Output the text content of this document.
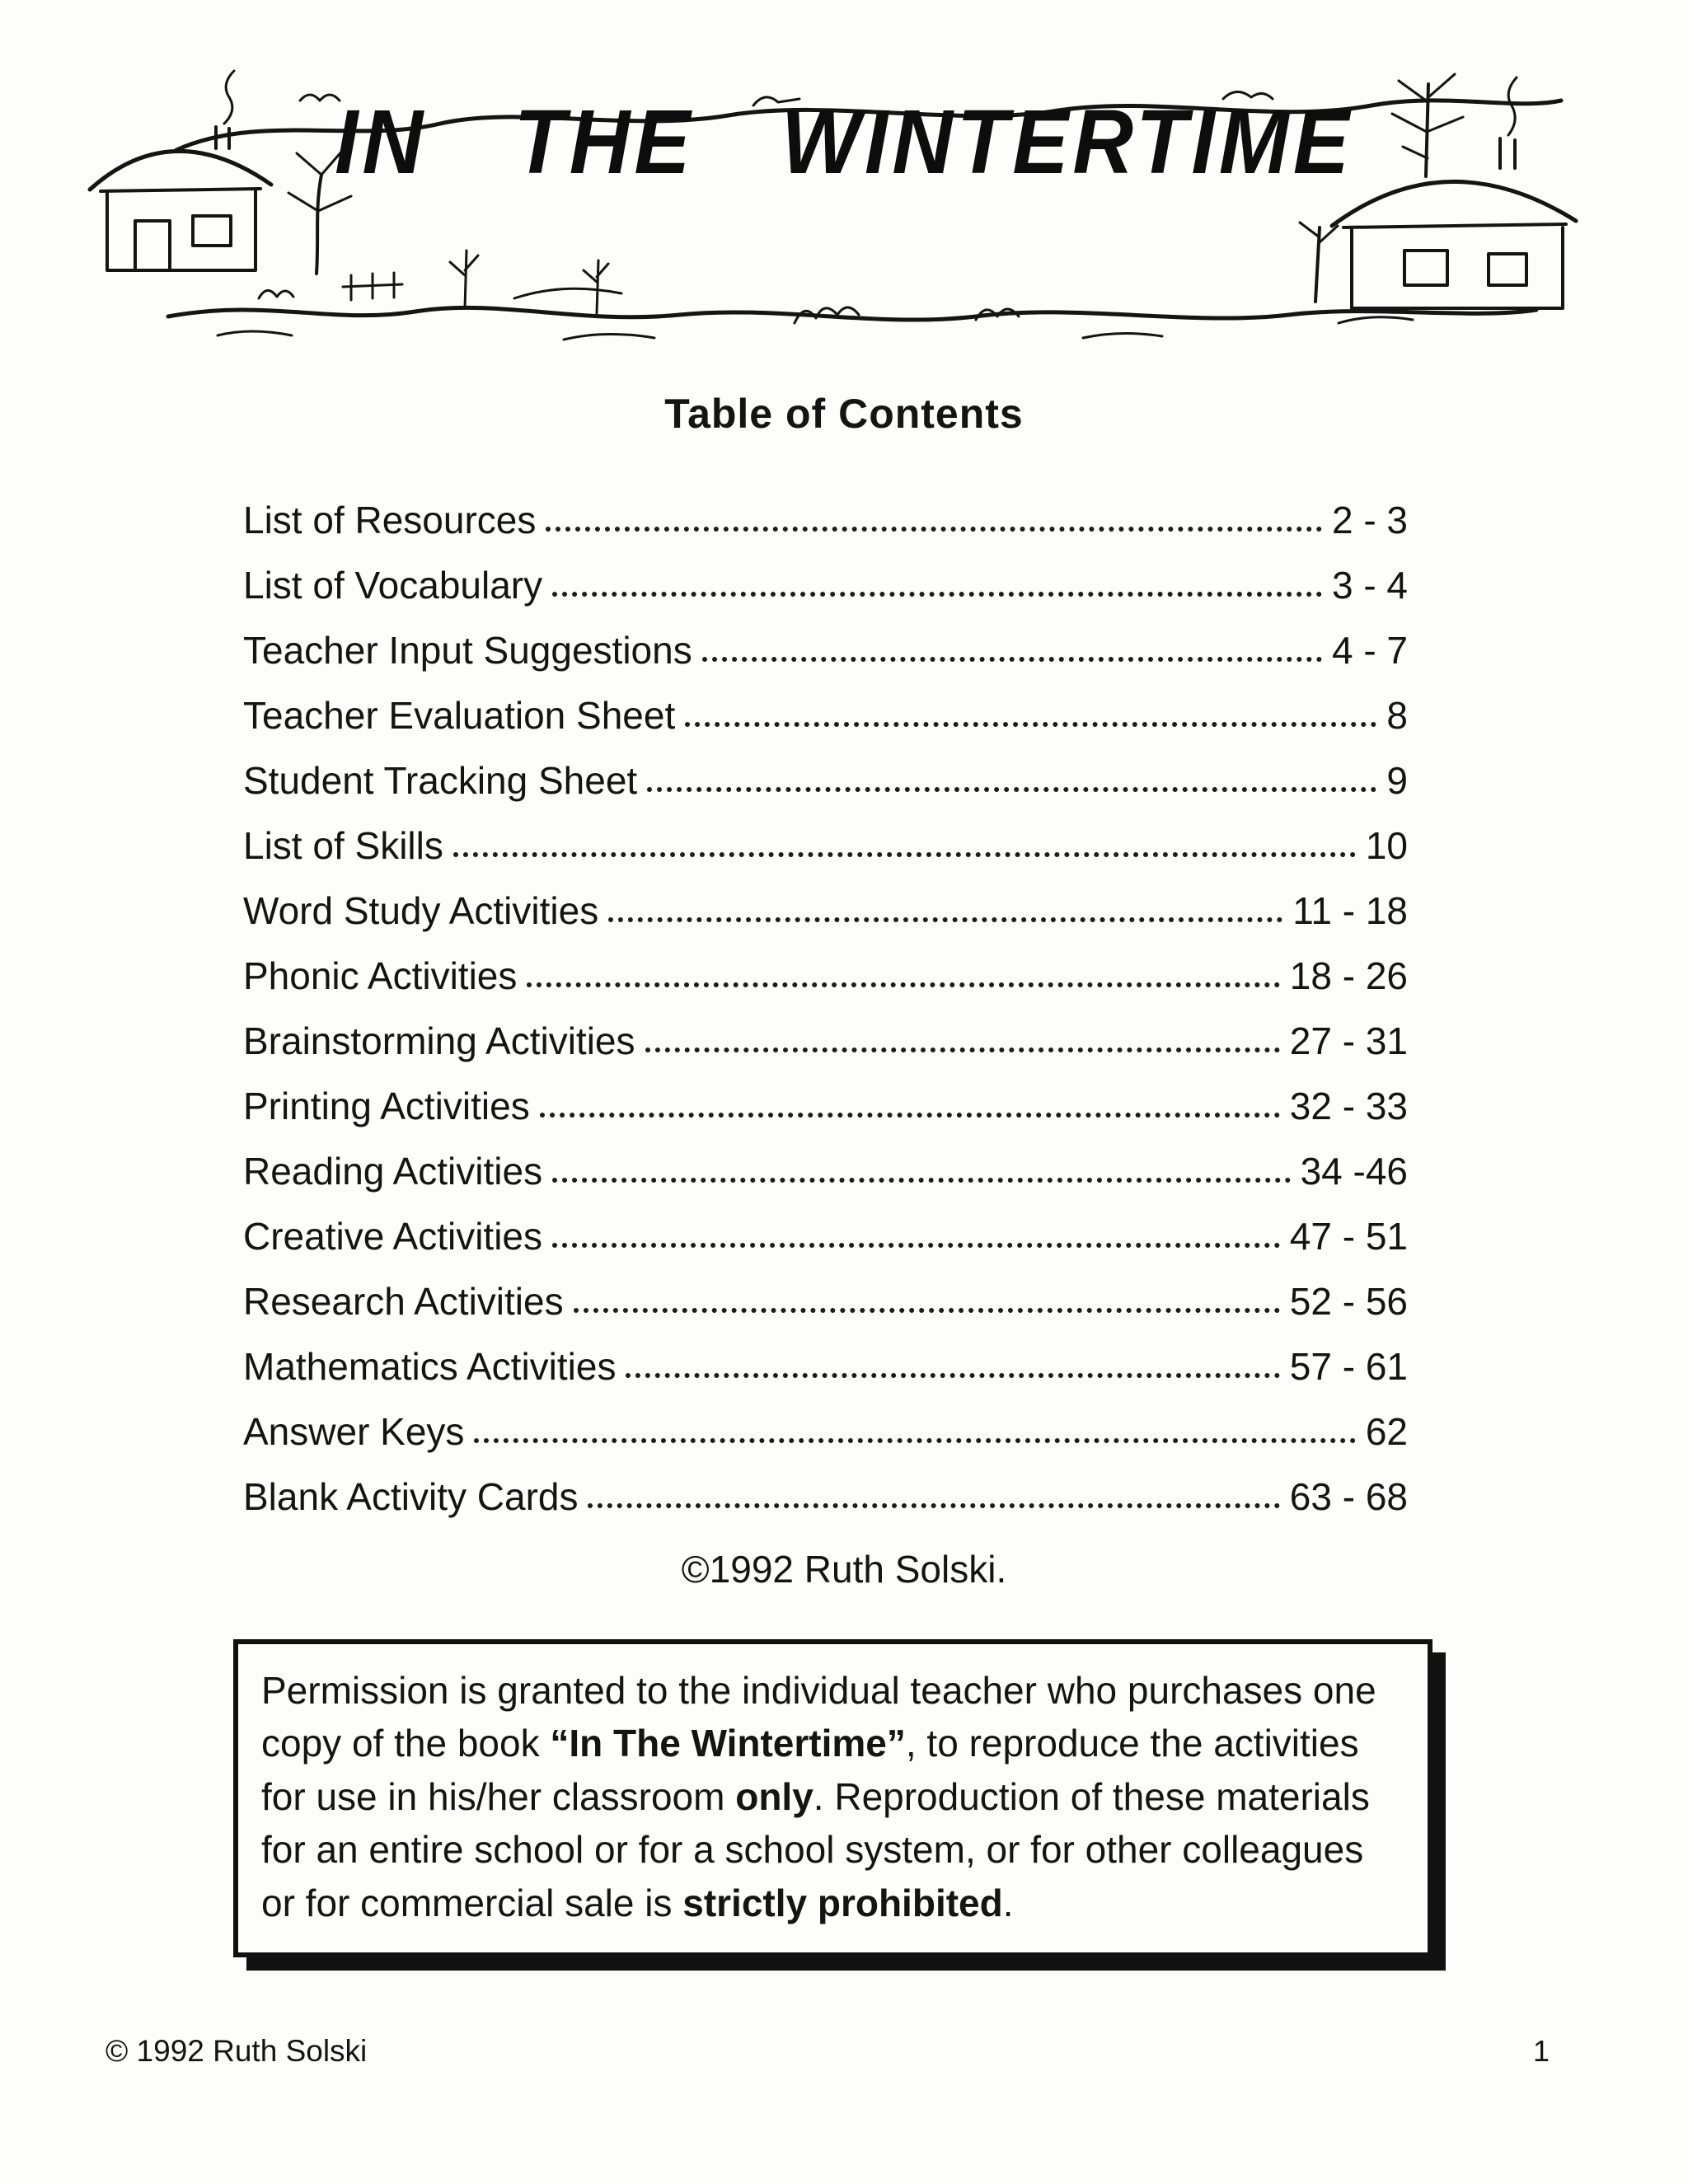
IN THE WINTERTIME
Table of Contents
List of Resources	2 - 3
List of Vocabulary	3 - 4
Teacher Input Suggestions	4 - 7
Teacher Evaluation Sheet	8
Student Tracking Sheet	9
List of Skills	10
Word Study Activities	11 - 18
Phonic Activities	18 - 26
Brainstorming Activities	27 - 31
Printing Activities	32 - 33
Reading Activities	34 -46
Creative Activities	47 - 51
Research Activities	52 - 56
Mathematics Activities	57 - 61
Answer Keys	62
Blank Activity Cards	63 - 68
©1992 Ruth Solski.
Permission is granted to the individual teacher who purchases one copy of the book “In The Wintertime”, to reproduce the activities for use in his/her classroom only. Reproduction of these materials for an entire school or for a school system, or for other colleagues or for commercial sale is strictly prohibited.
© 1992 Ruth Solski	1
